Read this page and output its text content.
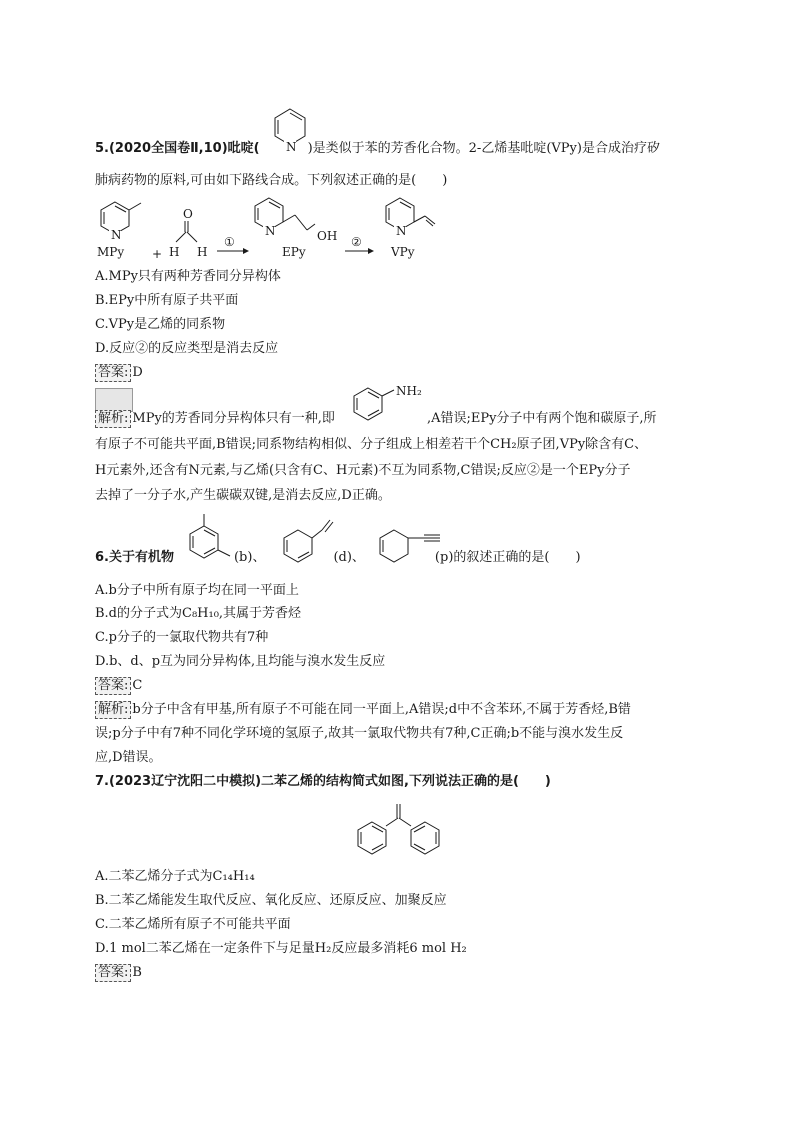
5.(2020全国卷Ⅱ,10)吡啶(	)是类似于苯的芳香化合物。2-乙烯基吡啶(VPy)是合成治疗矽
N
肺病药物的原料,可由如下路线合成。下列叙述正确的是(　　)
N
MPy +
O
H H
①	OH
N
EPy
②
N
VPy
A.MPy只有两种芳香同分异构体
B.EPy中所有原子共平面
C.VPy是乙烯的同系物
D.反应②的反应类型是消去反应
答案: D
解析: MPy的芳香同分异构体只有一种,即	,A错误;EPy分子中有两个饱和碳原子,所
NH₂
有原子不可能共平面,B错误;同系物结构相似、分子组成上相差若干个CH₂原子团,VPy除含有C、
H元素外,还含有N元素,与乙烯(只含有C、H元素)不互为同系物,C错误;反应②是一个EPy分子
去掉了一分子水,产生碳碳双键,是消去反应,D正确。
6.关于有机物	(b)、	(d)、	(p)的叙述正确的是(　　)
A.b分子中所有原子均在同一平面上
B.d的分子式为C₈H₁₀,其属于芳香烃
C.p分子的一氯取代物共有7种
D.b、d、p互为同分异构体,且均能与溴水发生反应
答案: C
解析: b分子中含有甲基,所有原子不可能在同一平面上,A错误;d中不含苯环,不属于芳香烃,B错
误;p分子中有7种不同化学环境的氢原子,故其一氯取代物共有7种,C正确;b不能与溴水发生反
应,D错误。
7.(2023辽宁沈阳二中模拟)二苯乙烯的结构简式如图,下列说法正确的是(　　)
A.二苯乙烯分子式为C₁₄H₁₄
B.二苯乙烯能发生取代反应、氧化反应、还原反应、加聚反应
C.二苯乙烯所有原子不可能共平面
D.1 mol二苯乙烯在一定条件下与足量H₂反应最多消耗6 mol H₂
答案: B
